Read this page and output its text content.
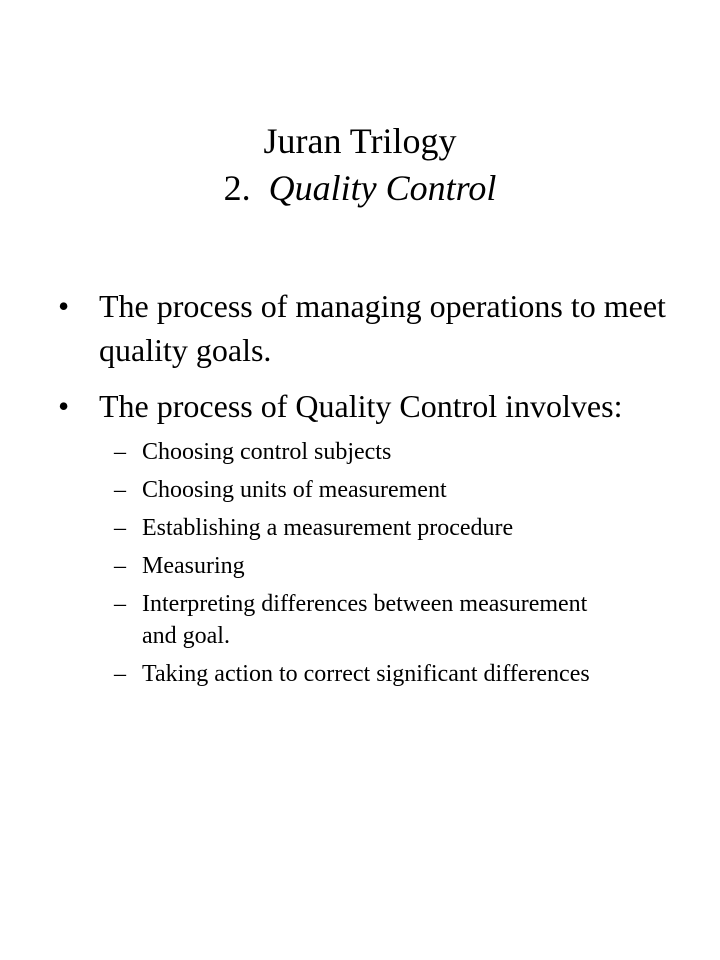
Juran Trilogy
2. Quality Control
• The process of managing operations to meet quality goals.
• The process of Quality Control involves:
– Choosing control subjects
– Choosing units of measurement
– Establishing a measurement procedure
– Measuring
– Interpreting differences between measurement and goal.
– Taking action to correct significant differences
